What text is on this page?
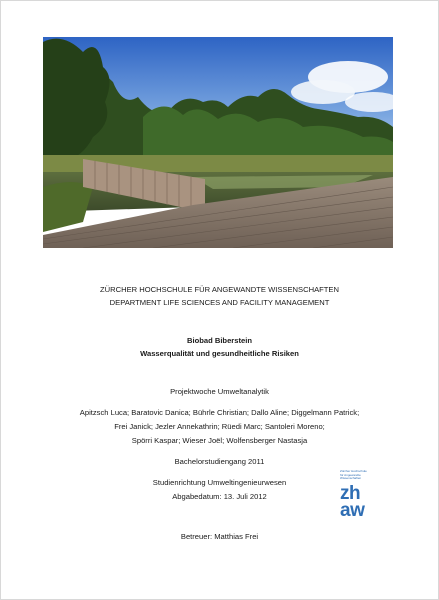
ZÜRCHER HOCHSCHULE FÜR ANGEWANDTE WISSENSCHAFTEN
DEPARTMENT LIFE SCIENCES AND FACILITY MANAGEMENT
Biobad Biberstein
Wasserqualität und gesundheitliche Risiken
Projektwoche Umweltanalytik
Apitzsch Luca; Baratovic Danica; Bührle Christian; Dallo Aline; Diggelmann Patrick;
Frei Janick; Jezler Annekathrin; Rüedi Marc; Santoleri Moreno;
Spörri Kaspar; Wieser Joël; Wolfensberger Nastasja
Bachelorstudiengang 2011
Studienrichtung Umweltingenieurwesen
Abgabedatum: 13. Juli 2012
Betreuer: Matthias Frei
Zürcher Hochschule
für Angewandte Wissenschaften
zh
aw
